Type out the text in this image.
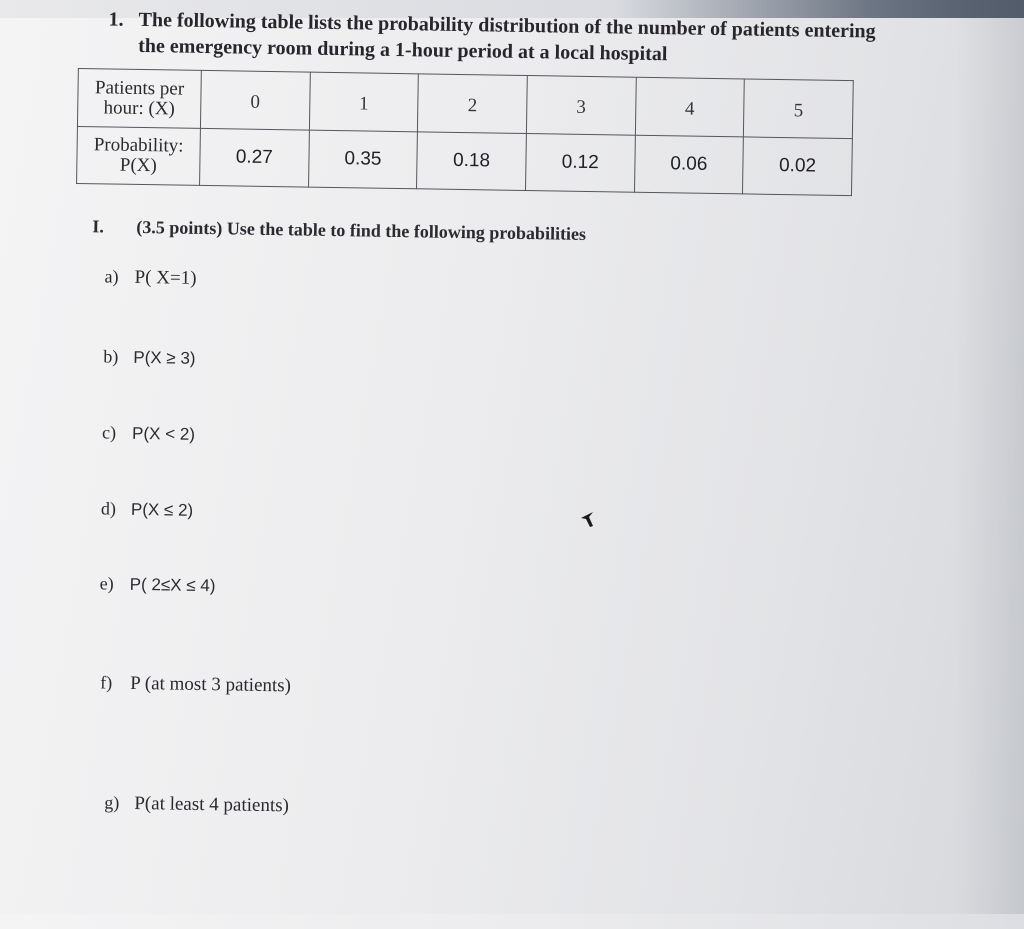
1. The following table lists the probability distribution of the number of patients entering
the emergency room during a 1-hour period at a local hospital
Patients per
hour: (X)	0	1	2	3	4	5

Probability:
P(X)	0.27	0.35	0.18	0.12	0.06	0.02
I. (3.5 points) Use the table to find the following probabilities
a) P( X=1)
b) P(X ≥ 3)
c) P(X < 2)
d) P(X ≤ 2)
e) P( 2≤X ≤ 4)
f) P (at most 3 patients)
g) P(at least 4 patients)
